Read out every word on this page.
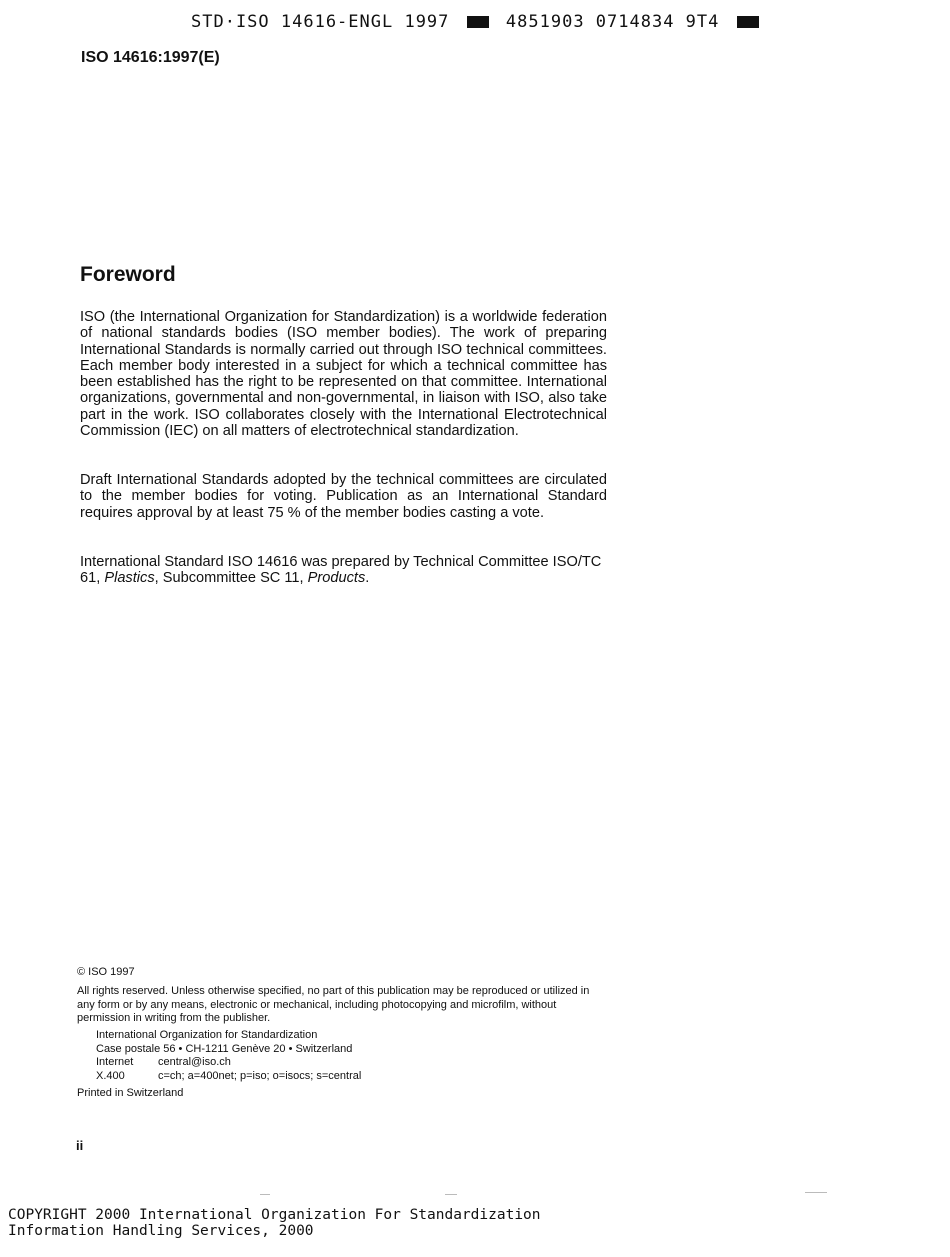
STD·ISO 14616-ENGL 1997	4851903 0714834 9T4
ISO 14616:1997(E)
Foreword
ISO (the International Organization for Standardization) is a worldwide federation of national standards bodies (ISO member bodies). The work of preparing International Standards is normally carried out through ISO technical committees. Each member body interested in a subject for which a technical committee has been established has the right to be represented on that committee. International organizations, governmental and non-governmental, in liaison with ISO, also take part in the work. ISO collaborates closely with the International Electrotechnical Commission (IEC) on all matters of electrotechnical standardization.
Draft International Standards adopted by the technical committees are circulated to the member bodies for voting. Publication as an International Standard requires approval by at least 75 % of the member bodies casting a vote.
International Standard ISO 14616 was prepared by Technical Committee ISO/TC 61, Plastics, Subcommittee SC 11, Products.
© ISO 1997
All rights reserved. Unless otherwise specified, no part of this publication may be reproduced or utilized in any form or by any means, electronic or mechanical, including photocopying and microfilm, without permission in writing from the publisher.
International Organization for Standardization
Case postale 56 • CH-1211 Genève 20 • Switzerland
Internet central@iso.ch
X.400	c=ch; a=400net; p=iso; o=isocs; s=central
Printed in Switzerland
ii
COPYRIGHT 2000 International Organization For Standardization
Information Handling Services, 2000
